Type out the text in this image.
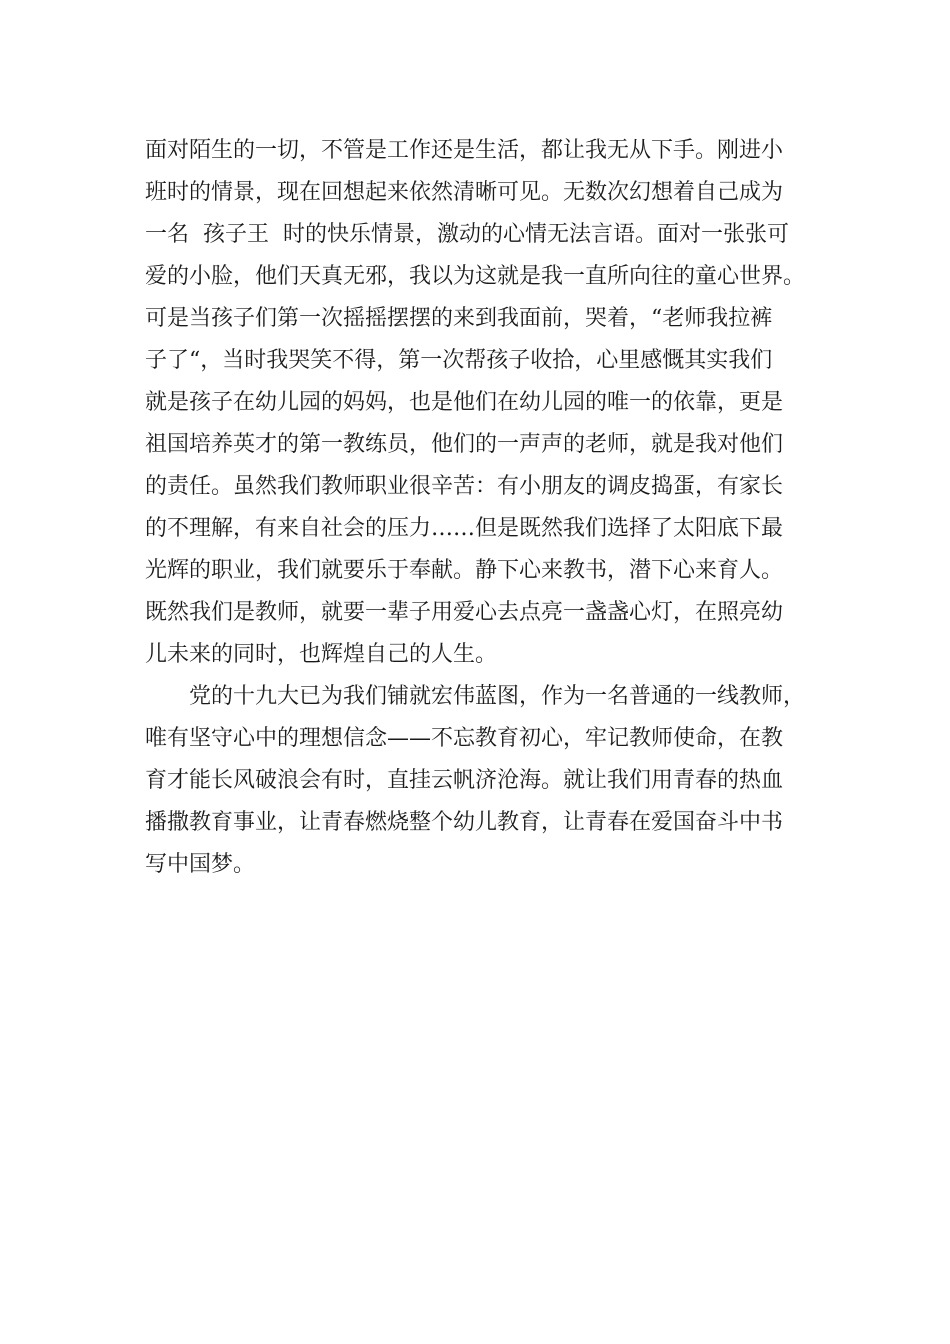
面对陌生的一切，不管是工作还是生活，都让我无从下手。刚进小
班时的情景，现在回想起来依然清晰可见。无数次幻想着自己成为
一名  孩子王  时的快乐情景，激动的心情无法言语。面对一张张可
爱的小脸，他们天真无邪，我以为这就是我一直所向往的童心世界。
可是当孩子们第一次摇摇摆摆的来到我面前，哭着，“老师我拉裤
子了“，当时我哭笑不得，第一次帮孩子收拾，心里感慨其实我们
就是孩子在幼儿园的妈妈，也是他们在幼儿园的唯一的依靠，更是
祖国培养英才的第一教练员，他们的一声声的老师，就是我对他们
的责任。虽然我们教师职业很辛苦：有小朋友的调皮捣蛋，有家长
的不理解，有来自社会的压力……但是既然我们选择了太阳底下最
光辉的职业，我们就要乐于奉献。静下心来教书，潜下心来育人。
既然我们是教师，就要一辈子用爱心去点亮一盏盏心灯，在照亮幼
儿未来的同时，也辉煌自己的人生。
党的十九大已为我们铺就宏伟蓝图，作为一名普通的一线教师，
唯有坚守心中的理想信念——不忘教育初心，牢记教师使命，在教
育才能长风破浪会有时，直挂云帆济沧海。就让我们用青春的热血
播撒教育事业，让青春燃烧整个幼儿教育，让青春在爱国奋斗中书
写中国梦。
